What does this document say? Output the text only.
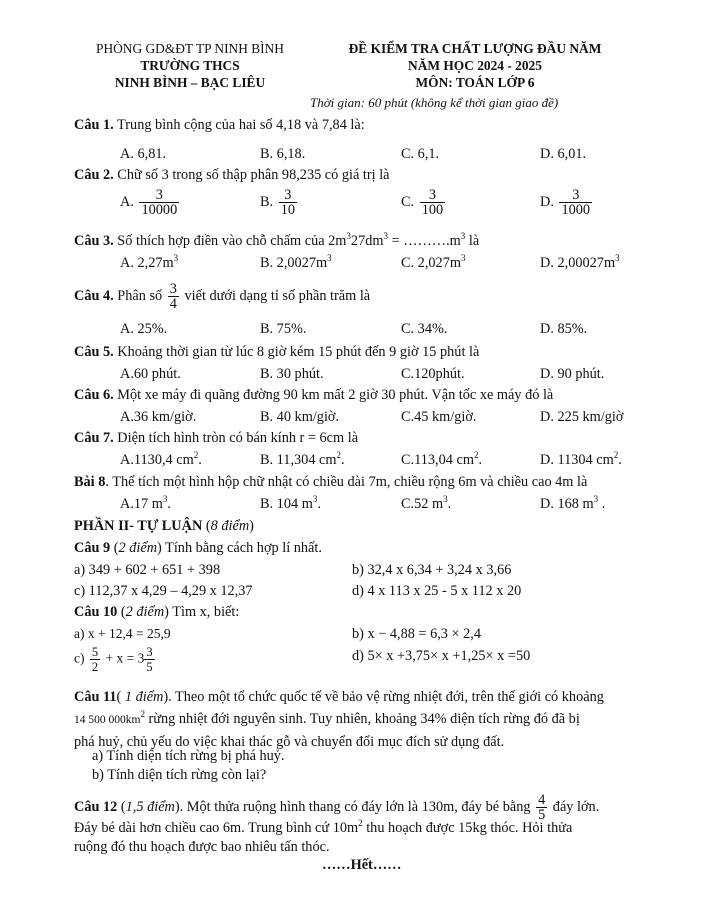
PHÒNG GD&ĐT TP NINH BÌNH
TRƯỜNG THCS
NINH BÌNH – BẠC LIÊU
ĐỀ KIỂM TRA CHẤT LƯỢNG ĐẦU NĂM
NĂM HỌC 2024 - 2025
MÔN: TOÁN LỚP 6
Thời gian: 60 phút (không kể thời gian giao đề)
Câu 1. Trung bình cộng của hai số 4,18 và 7,84 là:
A. 6,81.	B. 6,18.	C. 6,1.	D. 6,01.
Câu 2. Chữ số 3 trong số thập phân 98,235 có giá trị là
A. $\frac{3}{10000}$	B. $\frac{3}{10}$	C. $\frac{3}{100}$	D. $\frac{3}{1000}$
Câu 3. Số thích hợp điền vào chỗ chấm của $2m^327dm^3$ = $\dots\dots\dots.m^3$ là
A. $2,27m^3$	B. $2,0027m^3$	C. $2,027m^3$	D. $2,00027m^3$
Câu 4. Phân số $\frac{3}{4}$ viết dưới dạng tỉ số phần trăm là
A. 25%.	B. 75%.	C. 34%.	D. 85%.
Câu 5. Khoảng thời gian từ lúc 8 giờ kém 15 phút đến 9 giờ 15 phút là
A.60 phút.	B. 30 phút.	C.120phút.	D. 90 phút.
Câu 6. Một xe máy đi quãng đường 90 km mất 2 giờ 30 phút. Vận tốc xe máy đó là
A.36 km/giờ.	B. 40 km/giờ.	C.45 km/giờ.	D. 225 km/giờ
Câu 7. Diện tích hình tròn có bán kính r = 6cm là
A.1130,4 $cm^2$.	B. 11,304 $cm^2$.	C.113,04 $cm^2$.	D. 11304 $cm^2$.
Bài 8. Thể tích một hình hộp chữ nhật có chiều dài 7m, chiều rộng 6m và chiều cao 4m là
A.17 $m^3$.	B. 104 $m^3$.	C.52 $m^3$.	D. 168 $m^3$ .
PHẦN II- TỰ LUẬN (8 điểm)
Câu 9 (2 điểm) Tính bằng cách hợp lí nhất.
a) 349 + 602 + 651 + 398	b) 32,4 x 6,34 + 3,24 x 3,66
c) 112,37 x 4,29 – 4,29 x 12,37	d) 4 x 113 x 25 - 5 x 112 x 20
Câu 10 (2 điểm) Tìm x, biết:
a) x + 12,4 = 25,9	b) x − 4,88 = 6,3 × 2,4
$c) \frac{5}{2} + x = 3 \frac{3}{5}$	d) 5× x +3,75× x +1,25× x =50
Câu 11( 1 điểm). Theo một tổ chức quốc tế về bảo vệ rừng nhiệt đới, trên thế giới có khoảng
14 500 $000km^2$ rừng nhiệt đới nguyên sinh. Tuy nhiên, khoảng 34% diện tích rừng đó đã bị
phá huỷ, chủ yếu do việc khai thác gỗ và chuyển đổi mục đích sử dụng đất.
a) Tính diện tích rừng bị phá huỷ.
b) Tính diện tích rừng còn lại?
Câu 12 (1,5 điểm). Một thửa ruộng hình thang có đáy lớn là 130m, đáy bé bằng $\frac{4}{5}$ đáy lớn.
Đáy bé dài hơn chiều cao 6m. Trung bình cứ $10m^2$ thu hoạch được 15kg thóc. Hỏi thửa
ruộng đó thu hoạch được bao nhiêu tấn thóc.
……Hết……
